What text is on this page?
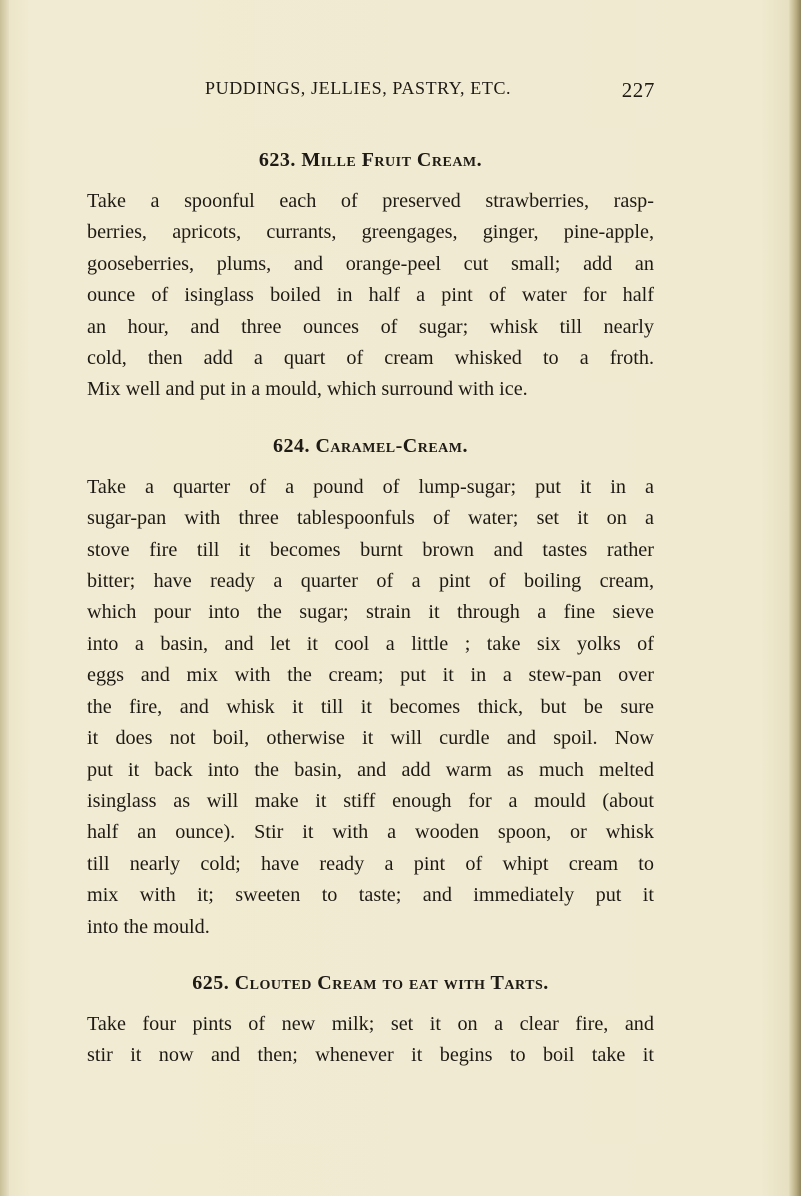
PUDDINGS, JELLIES, PASTRY, ETC.	227
623. Mille Fruit Cream.

Take a spoonful each of preserved strawberries, rasp-
berries, apricots, currants, greengages, ginger, pine-apple,
gooseberries, plums, and orange-peel cut small; add an
ounce of isinglass boiled in half a pint of water for half
an hour, and three ounces of sugar; whisk till nearly
cold, then add a quart of cream whisked to a froth.
Mix well and put in a mould, which surround with ice.

624. Caramel-Cream.

Take a quarter of a pound of lump-sugar; put it in a
sugar-pan with three tablespoonfuls of water; set it on a
stove fire till it becomes burnt brown and tastes rather
bitter; have ready a quarter of a pint of boiling cream,
which pour into the sugar; strain it through a fine sieve
into a basin, and let it cool a little ; take six yolks of
eggs and mix with the cream; put it in a stew-pan over
the fire, and whisk it till it becomes thick, but be sure
it does not boil, otherwise it will curdle and spoil. Now
put it back into the basin, and add warm as much melted
isinglass as will make it stiff enough for a mould (about
half an ounce). Stir it with a wooden spoon, or whisk
till nearly cold; have ready a pint of whipt cream to
mix with it; sweeten to taste; and immediately put it
into the mould.

625. Clouted Cream to eat with Tarts.

Take four pints of new milk; set it on a clear fire, and
stir it now and then; whenever it begins to boil take it
